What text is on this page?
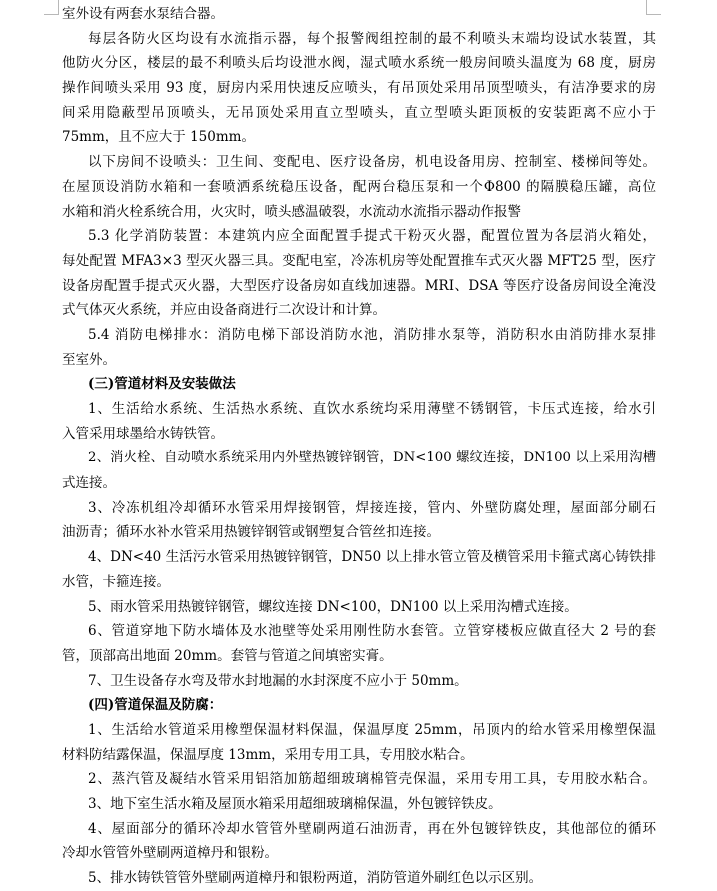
室外设有两套水泵结合器。
每层各防火区均设有水流指示器，每个报警阀组控制的最不利喷头末端均设试水装置，其
他防火分区，楼层的最不利喷头后均设泄水阀，湿式喷水系统一般房间喷头温度为 68 度，厨房
操作间喷头采用 93 度，厨房内采用快速反应喷头，有吊顶处采用吊顶型喷头，有洁净要求的房
间采用隐蔽型吊顶喷头，无吊顶处采用直立型喷头，直立型喷头距顶板的安装距离不应小于
75mm，且不应大于 150mm。
以下房间不设喷头：卫生间、变配电、医疗设备房，机电设备用房、控制室、楼梯间等处。
在屋顶设消防水箱和一套喷洒系统稳压设备，配两台稳压泵和一个Φ800 的隔膜稳压罐，高位
水箱和消火栓系统合用，火灾时，喷头感温破裂，水流动水流指示器动作报警
5.3 化学消防装置：本建筑内应全面配置手提式干粉灭火器，配置位置为各层消火箱处，
每处配置 MFA3×3 型灭火器三具。变配电室，冷冻机房等处配置推车式灭火器 MFT25 型，医疗
设备房配置手提式灭火器，大型医疗设备房如直线加速器。MRI、DSA 等医疗设备房间设全淹没
式气体灭火系统，并应由设备商进行二次设计和计算。
5.4 消防电梯排水：消防电梯下部设消防水池，消防排水泵等，消防积水由消防排水泵排
至室外。
(三)管道材料及安装做法
1、生活给水系统、生活热水系统、直饮水系统均采用薄壁不锈钢管，卡压式连接，给水引
入管采用球墨给水铸铁管。
2、消火栓、自动喷水系统采用内外壁热镀锌钢管，DN<100 螺纹连接，DN100 以上采用沟槽
式连接。
3、冷冻机组冷却循环水管采用焊接钢管，焊接连接，管内、外壁防腐处理，屋面部分刷石
油沥青；循环水补水管采用热镀锌钢管或钢塑复合管丝扣连接。
4、DN<40 生活污水管采用热镀锌钢管，DN50 以上排水管立管及横管采用卡箍式离心铸铁排
水管，卡箍连接。
5、雨水管采用热镀锌钢管，螺纹连接 DN<100，DN100 以上采用沟槽式连接。
6、管道穿地下防水墙体及水池壁等处采用刚性防水套管。立管穿楼板应做直径大 2 号的套
管，顶部高出地面 20mm。套管与管道之间填密实膏。
7、卫生设备存水弯及带水封地漏的水封深度不应小于 50mm。
(四)管道保温及防腐：
1、生活给水管道采用橡塑保温材料保温，保温厚度 25mm，吊顶内的给水管采用橡塑保温
材料防结露保温，保温厚度 13mm，采用专用工具，专用胶水粘合。
2、蒸汽管及凝结水管采用铝箔加筋超细玻璃棉管壳保温，采用专用工具，专用胶水粘合。
3、地下室生活水箱及屋顶水箱采用超细玻璃棉保温，外包镀锌铁皮。
4、屋面部分的循环冷却水管管外壁刷两道石油沥青，再在外包镀锌铁皮，其他部位的循环
冷却水管管外壁刷两道樟丹和银粉。
5、排水铸铁管管外壁刷两道樟丹和银粉两道，消防管道外刷红色以示区别。
